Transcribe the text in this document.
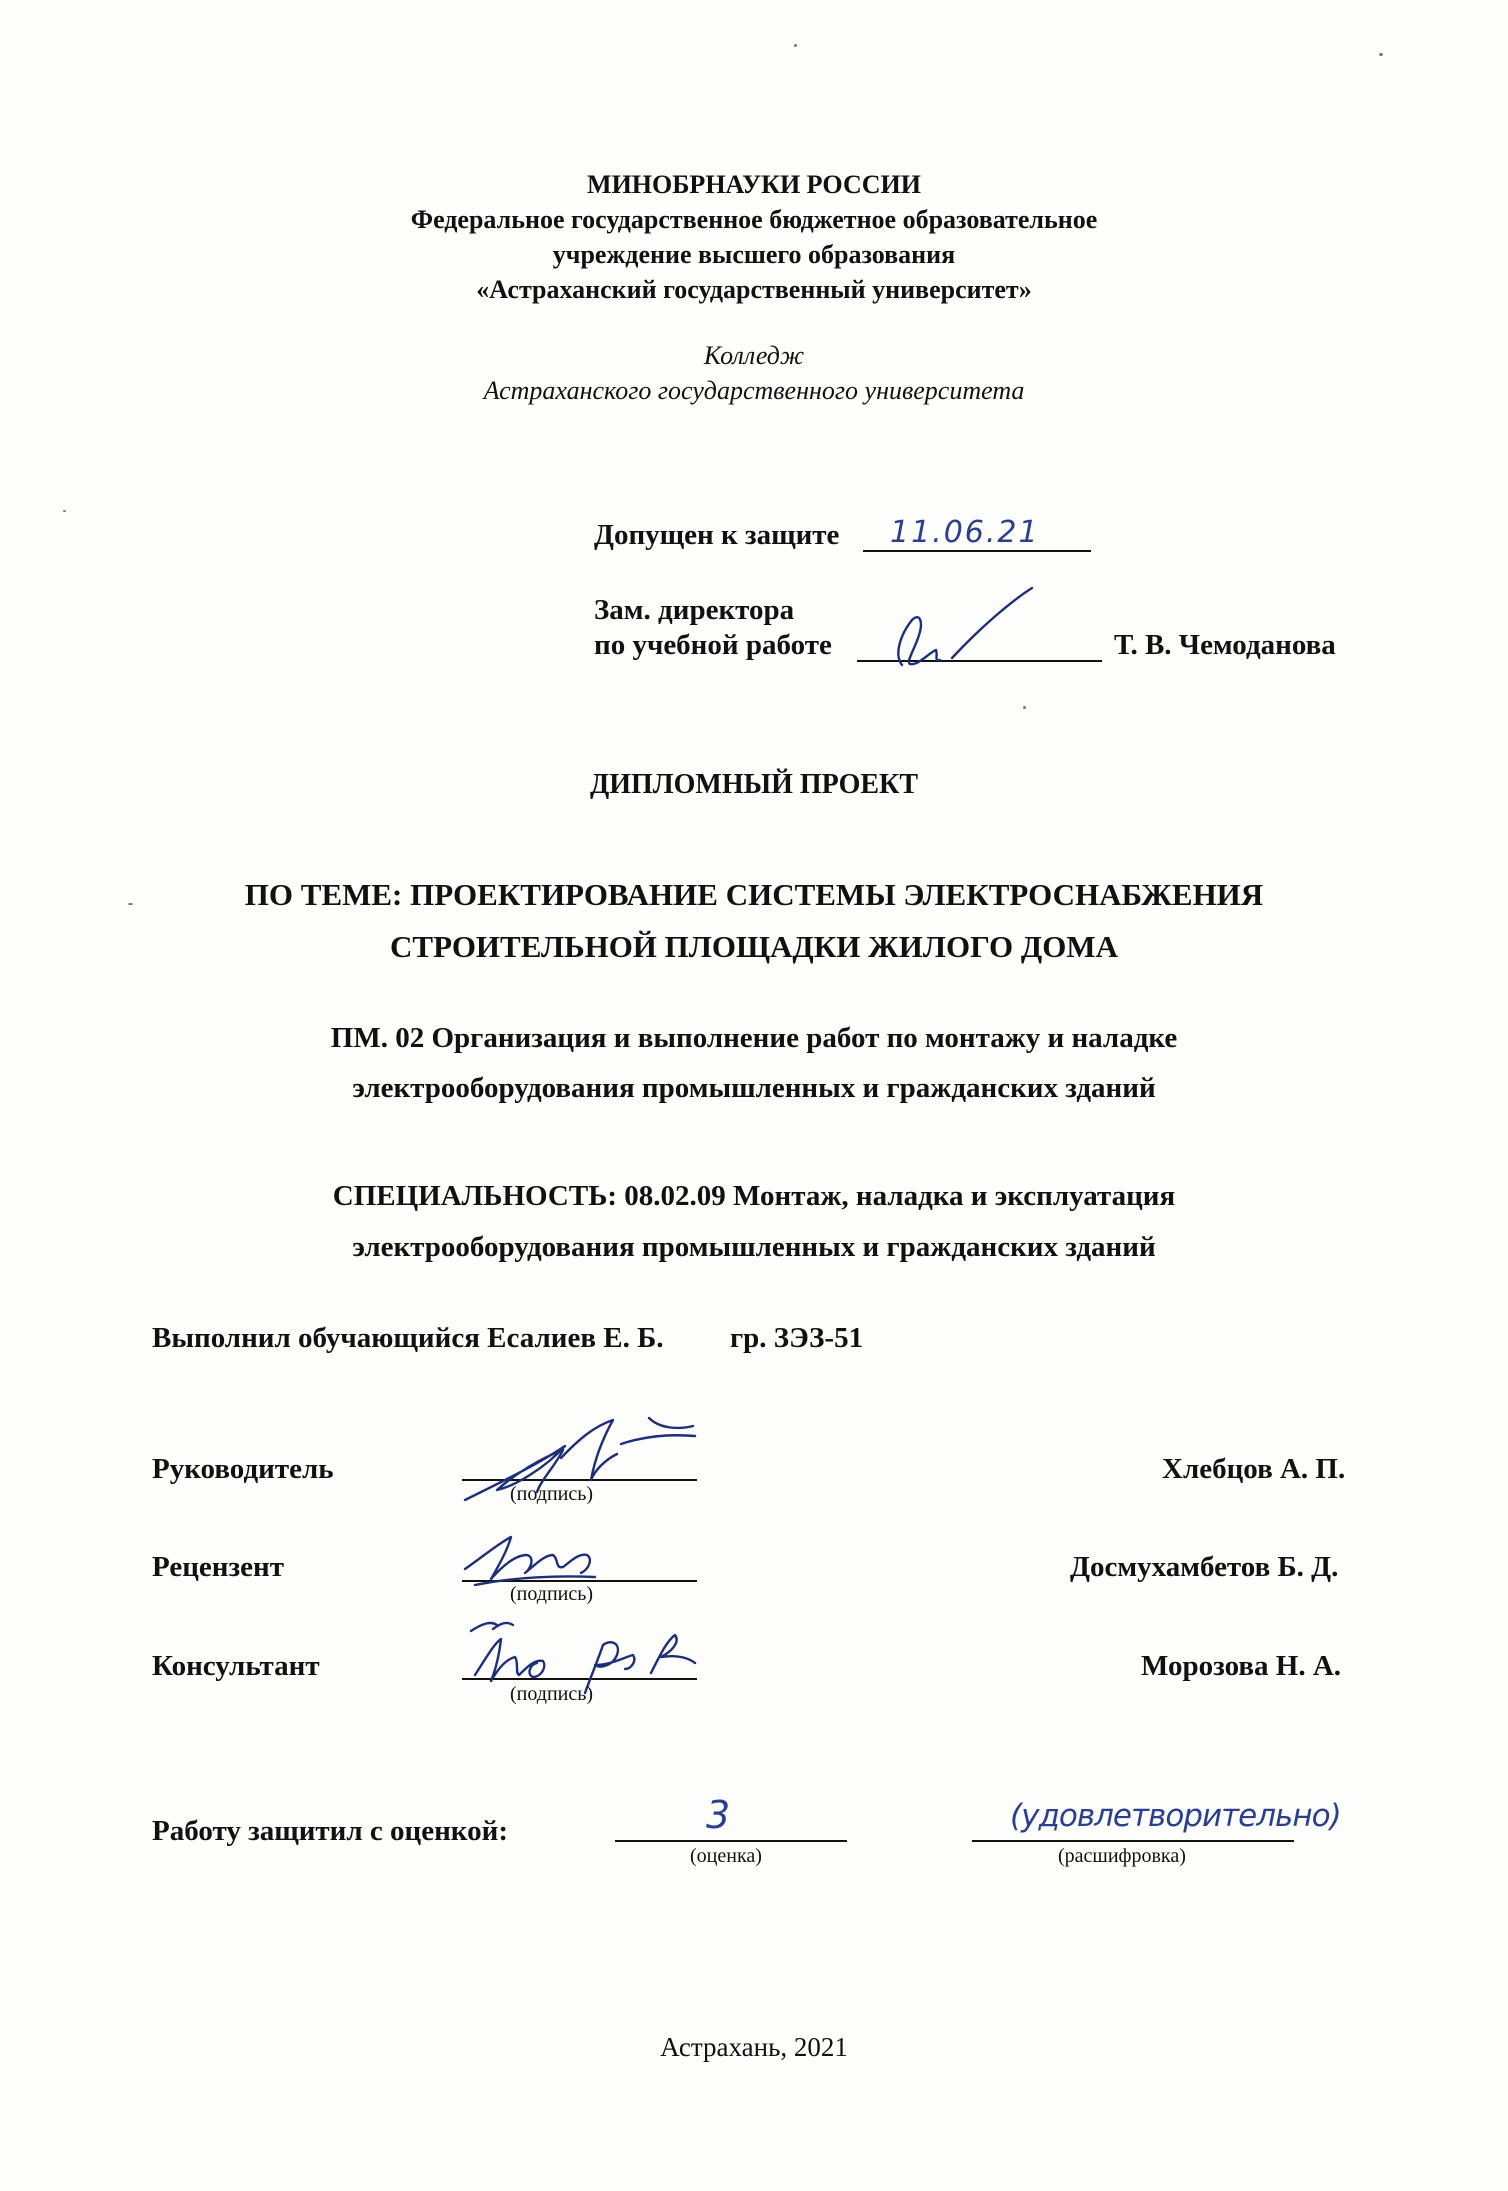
МИНОБРНАУКИ РОССИИ
Федеральное государственное бюджетное образовательное
учреждение высшего образования
«Астраханский государственный университет»
Колледж
Астраханского государственного университета
Допущен к защите 11.06.21
Зам. директора
по учебной работе	Т. В. Чемоданова
ДИПЛОМНЫЙ ПРОЕКТ
ПО ТЕМЕ: ПРОЕКТИРОВАНИЕ СИСТЕМЫ ЭЛЕКТРОСНАБЖЕНИЯ
СТРОИТЕЛЬНОЙ ПЛОЩАДКИ ЖИЛОГО ДОМА
ПМ. 02 Организация и выполнение работ по монтажу и наладке
электрооборудования промышленных и гражданских зданий
СПЕЦИАЛЬНОСТЬ: 08.02.09 Монтаж, наладка и эксплуатация
электрооборудования промышленных и гражданских зданий
Выполнил обучающийся Есалиев Е. Б. гр. ЗЭЗ-51
Руководитель
(подпись)
Хлебцов А. П.
Рецензент
(подпись)
Досмухамбетов Б. Д.
Консультант
(подпись)
Морозова Н. А.
Работу защитил с оценкой:	3
(оценка)
(удовлетворительно)
(расшифровка)
Астрахань, 2021
